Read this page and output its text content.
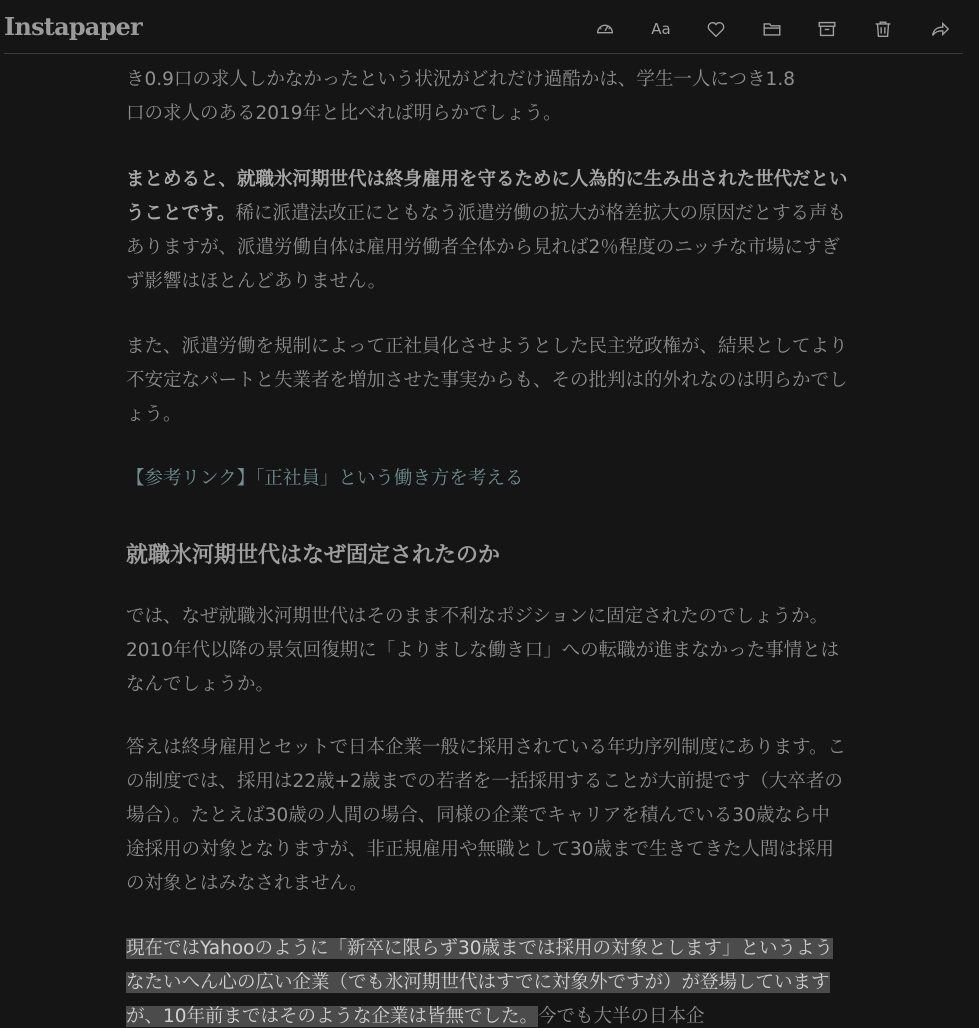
Instapaper	Aa

き0.9口の求人しかなかったという状況がどれだけ過酷かは、学生一人につき1.8
口の求人のある2019年と比べれば明らかでしょう。

まとめると、就職氷河期世代は終身雇用を守るために人為的に生み出された世代だということです。稀に派遣法改正にともなう派遣労働の拡大が格差拡大の原因だとする声もありますが、派遣労働自体は雇用労働者全体から見れば2％程度のニッチな市場にすぎず影響はほとんどありません。

また、派遣労働を規制によって正社員化させようとした民主党政権が、結果としてより不安定なパートと失業者を増加させた事実からも、その批判は的外れなのは明らかでしょう。

【参考リンク】「正社員」という働き方を考える

就職氷河期世代はなぜ固定されたのか

では、なぜ就職氷河期世代はそのまま不利なポジションに固定されたのでしょうか。2010年代以降の景気回復期に「よりましな働き口」への転職が進まなかった事情とはなんでしょうか。

答えは終身雇用とセットで日本企業一般に採用されている年功序列制度にあります。この制度では、採用は22歳+2歳までの若者を一括採用することが大前提です（大卒者の場合）。たとえば30歳の人間の場合、同様の企業でキャリアを積んでいる30歳なら中途採用の対象となりますが、非正規雇用や無職として30歳まで生きてきた人間は採用の対象とはみなされません。

現在ではYahooのように「新卒に限らず30歳までは採用の対象とします」というようなたいへん心の広い企業（でも氷河期世代はすでに対象外ですが）が登場していますが、10年前まではそのような企業は皆無でした。今でも大半の日本企
